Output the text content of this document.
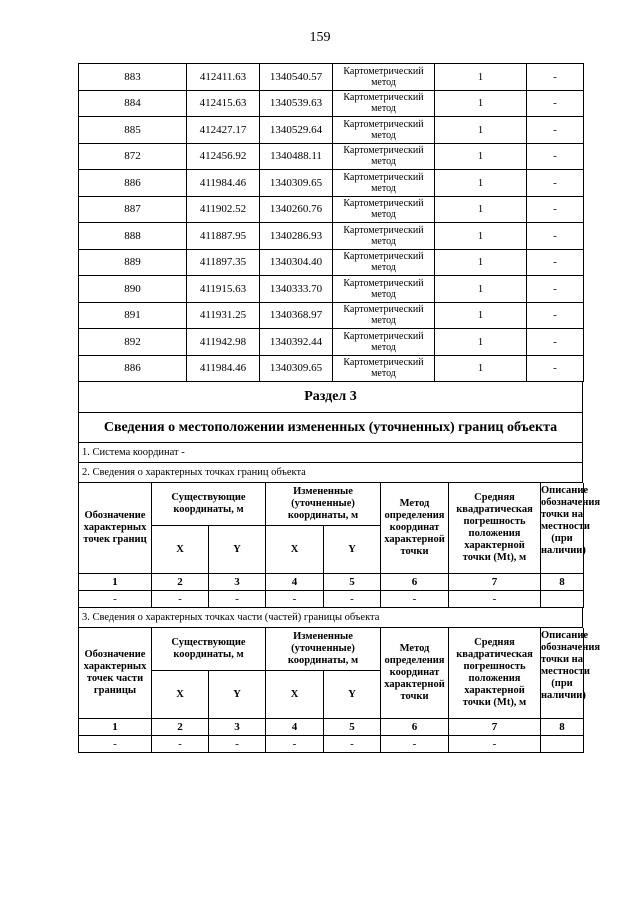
159
883	412411.63	1340540.57	Картометрический метод	1	-
884	412415.63	1340539.63	Картометрический метод	1	-
885	412427.17	1340529.64	Картометрический метод	1	-
872	412456.92	1340488.11	Картометрический метод	1	-
886	411984.46	1340309.65	Картометрический метод	1	-
887	411902.52	1340260.76	Картометрический метод	1	-
888	411887.95	1340286.93	Картометрический метод	1	-
889	411897.35	1340304.40	Картометрический метод	1	-
890	411915.63	1340333.70	Картометрический метод	1	-
891	411931.25	1340368.97	Картометрический метод	1	-
892	411942.98	1340392.44	Картометрический метод	1	-
886	411984.46	1340309.65	Картометрический метод	1	-
Раздел 3
Сведения о местоположении измененных (уточненных) границ объекта
1. Система координат -
2. Сведения о характерных точках границ объекта
Обозначение характерных точек границ	Существующие координаты, м		Измененные (уточненные) координаты, м		Метод определения координат характерной точки	Средняя квадратическая погрешность положения характерной точки (Mt), м	Описание обозначения точки на местности (при наличии)

	X	Y	X	Y			
1	2	3	4	5	6	7	8
-	-	-	-	-	-	-	
3. Сведения о характерных точках части (частей) границы объекта
Обозначение характерных точек части границы	Существующие координаты, м		Измененные (уточненные) координаты, м		Метод определения координат характерной точки	Средняя квадратическая погрешность положения характерной точки (Mt), м	Описание обозначения точки на местности (при наличии)

	X	Y	X	Y			
1	2	3	4	5	6	7	8
-	-	-	-	-	-	-	
